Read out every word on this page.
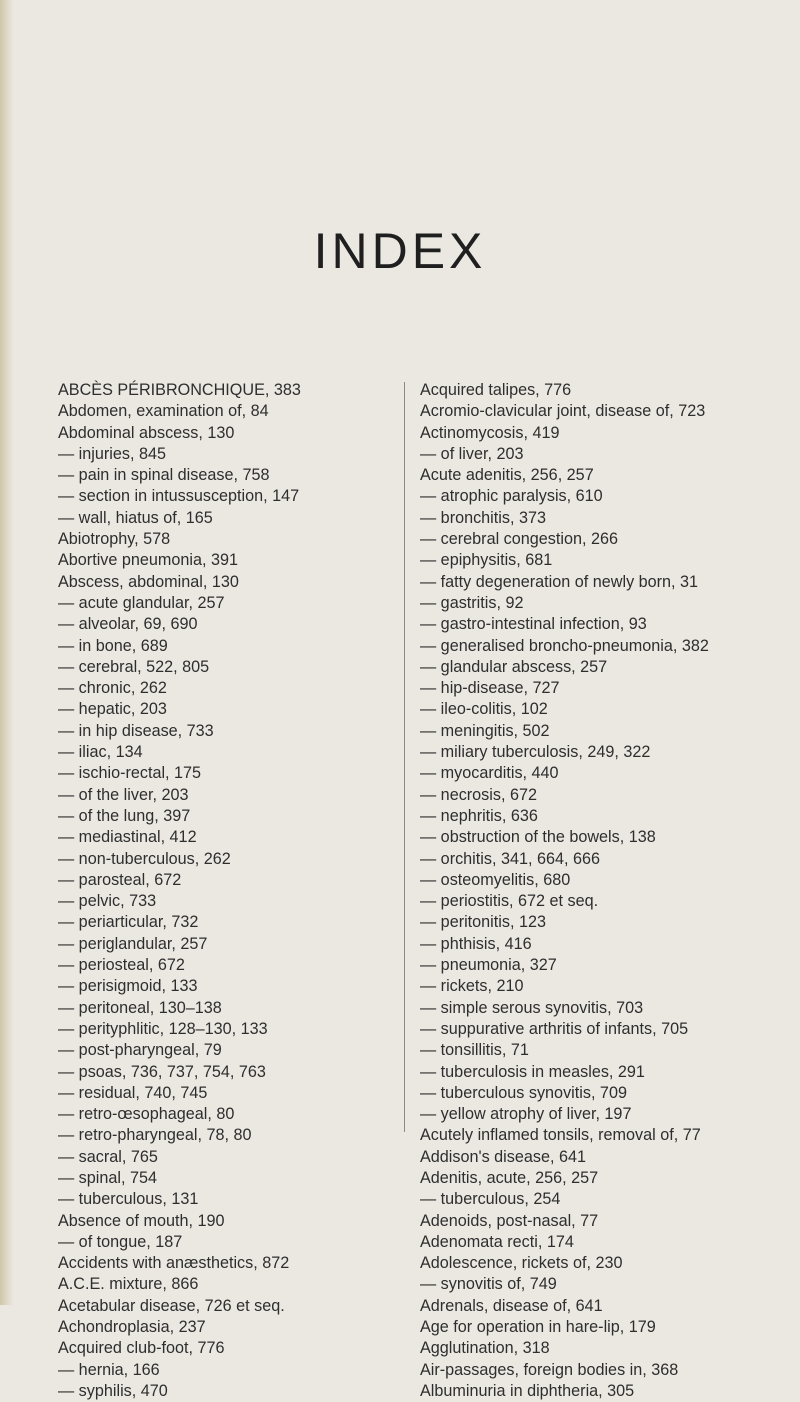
INDEX
ABCÈS PÉRIBRONCHIQUE, 383
Abdomen, examination of, 84
Abdominal abscess, 130
— injuries, 845
— pain in spinal disease, 758
— section in intussusception, 147
— wall, hiatus of, 165
Abiotrophy, 578
Abortive pneumonia, 391
Abscess, abdominal, 130
— acute glandular, 257
— alveolar, 69, 690
— in bone, 689
— cerebral, 522, 805
— chronic, 262
— hepatic, 203
— in hip disease, 733
— iliac, 134
— ischio-rectal, 175
— of the liver, 203
— of the lung, 397
— mediastinal, 412
— non-tuberculous, 262
— parosteal, 672
— pelvic, 733
— periarticular, 732
— periglandular, 257
— periosteal, 672
— perisigmoid, 133
— peritoneal, 130–138
— perityphlitic, 128–130, 133
— post-pharyngeal, 79
— psoas, 736, 737, 754, 763
— residual, 740, 745
— retro-œsophageal, 80
— retro-pharyngeal, 78, 80
— sacral, 765
— spinal, 754
— tuberculous, 131
Absence of mouth, 190
— of tongue, 187
Accidents with anæsthetics, 872
A.C.E. mixture, 866
Acetabular disease, 726 et seq.
Achondroplasia, 237
Acquired club-foot, 776
— hernia, 166
— syphilis, 470
Acquired talipes, 776
Acromio-clavicular joint, disease of, 723
Actinomycosis, 419
— of liver, 203
Acute adenitis, 256, 257
— atrophic paralysis, 610
— bronchitis, 373
— cerebral congestion, 266
— epiphysitis, 681
— fatty degeneration of newly born, 31
— gastritis, 92
— gastro-intestinal infection, 93
— generalised broncho-pneumonia, 382
— glandular abscess, 257
— hip-disease, 727
— ileo-colitis, 102
— meningitis, 502
— miliary tuberculosis, 249, 322
— myocarditis, 440
— necrosis, 672
— nephritis, 636
— obstruction of the bowels, 138
— orchitis, 341, 664, 666
— osteomyelitis, 680
— periostitis, 672 et seq.
— peritonitis, 123
— phthisis, 416
— pneumonia, 327
— rickets, 210
— simple serous synovitis, 703
— suppurative arthritis of infants, 705
— tonsillitis, 71
— tuberculosis in measles, 291
— tuberculous synovitis, 709
— yellow atrophy of liver, 197
Acutely inflamed tonsils, removal of, 77
Addison's disease, 641
Adenitis, acute, 256, 257
— tuberculous, 254
Adenoids, post-nasal, 77
Adenomata recti, 174
Adolescence, rickets of, 230
— synovitis of, 749
Adrenals, disease of, 641
Age for operation in hare-lip, 179
Agglutination, 318
Air-passages, foreign bodies in, 368
Albuminuria in diphtheria, 305
